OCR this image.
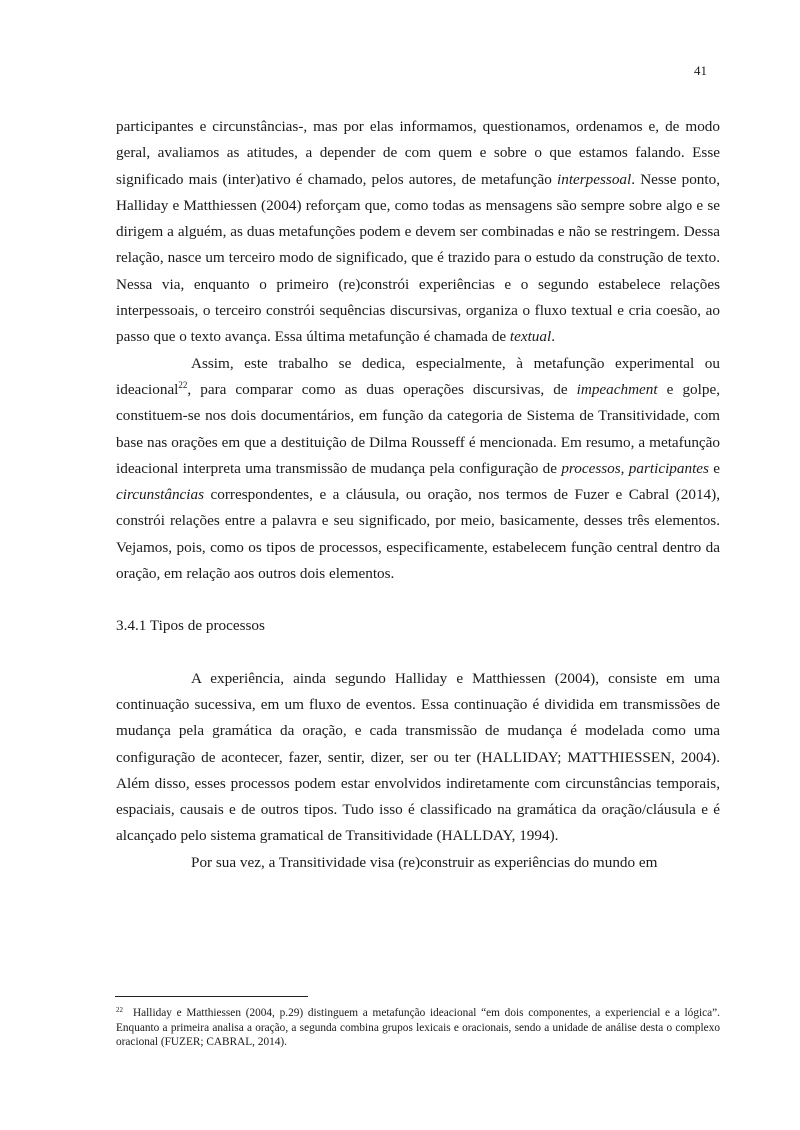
41

participantes e circunstâncias-, mas por elas informamos, questionamos, ordenamos e, de modo geral, avaliamos as atitudes, a depender de com quem e sobre o que estamos falando. Esse significado mais (inter)ativo é chamado, pelos autores, de metafunção interpessoal. Nesse ponto, Halliday e Matthiessen (2004) reforçam que, como todas as mensagens são sempre sobre algo e se dirigem a alguém, as duas metafunções podem e devem ser combinadas e não se restringem. Dessa relação, nasce um terceiro modo de significado, que é trazido para o estudo da construção de texto. Nessa via, enquanto o primeiro (re)constrói experiências e o segundo estabelece relações interpessoais, o terceiro constrói sequências discursivas, organiza o fluxo textual e cria coesão, ao passo que o texto avança. Essa última metafunção é chamada de textual.

Assim, este trabalho se dedica, especialmente, à metafunção experimental ou ideacional$^{22}$, para comparar como as duas operações discursivas, de impeachment e golpe, constituem-se nos dois documentários, em função da categoria de Sistema de Transitividade, com base nas orações em que a destituição de Dilma Rousseff é mencionada. Em resumo, a metafunção ideacional interpreta uma transmissão de mudança pela configuração de processos, participantes e circunstâncias correspondentes, e a cláusula, ou oração, nos termos de Fuzer e Cabral (2014), constrói relações entre a palavra e seu significado, por meio, basicamente, desses três elementos. Vejamos, pois, como os tipos de processos, especificamente, estabelecem função central dentro da oração, em relação aos outros dois elementos.

3.4.1 Tipos de processos

A experiência, ainda segundo Halliday e Matthiessen (2004), consiste em uma continuação sucessiva, em um fluxo de eventos. Essa continuação é dividida em transmissões de mudança pela gramática da oração, e cada transmissão de mudança é modelada como uma configuração de acontecer, fazer, sentir, dizer, ser ou ter (HALLIDAY; MATTHIESSEN, 2004). Além disso, esses processos podem estar envolvidos indiretamente com circunstâncias temporais, espaciais, causais e de outros tipos. Tudo isso é classificado na gramática da oração/cláusula e é alcançado pelo sistema gramatical de Transitividade (HALLDAY, 1994).

Por sua vez, a Transitividade visa (re)construir as experiências do mundo em

$^{22}$ Halliday e Matthiessen (2004, p.29) distinguem a metafunção ideacional “em dois componentes, a experiencial e a lógica”. Enquanto a primeira analisa a oração, a segunda combina grupos lexicais e oracionais, sendo a unidade de análise desta o complexo oracional (FUZER; CABRAL, 2014).
